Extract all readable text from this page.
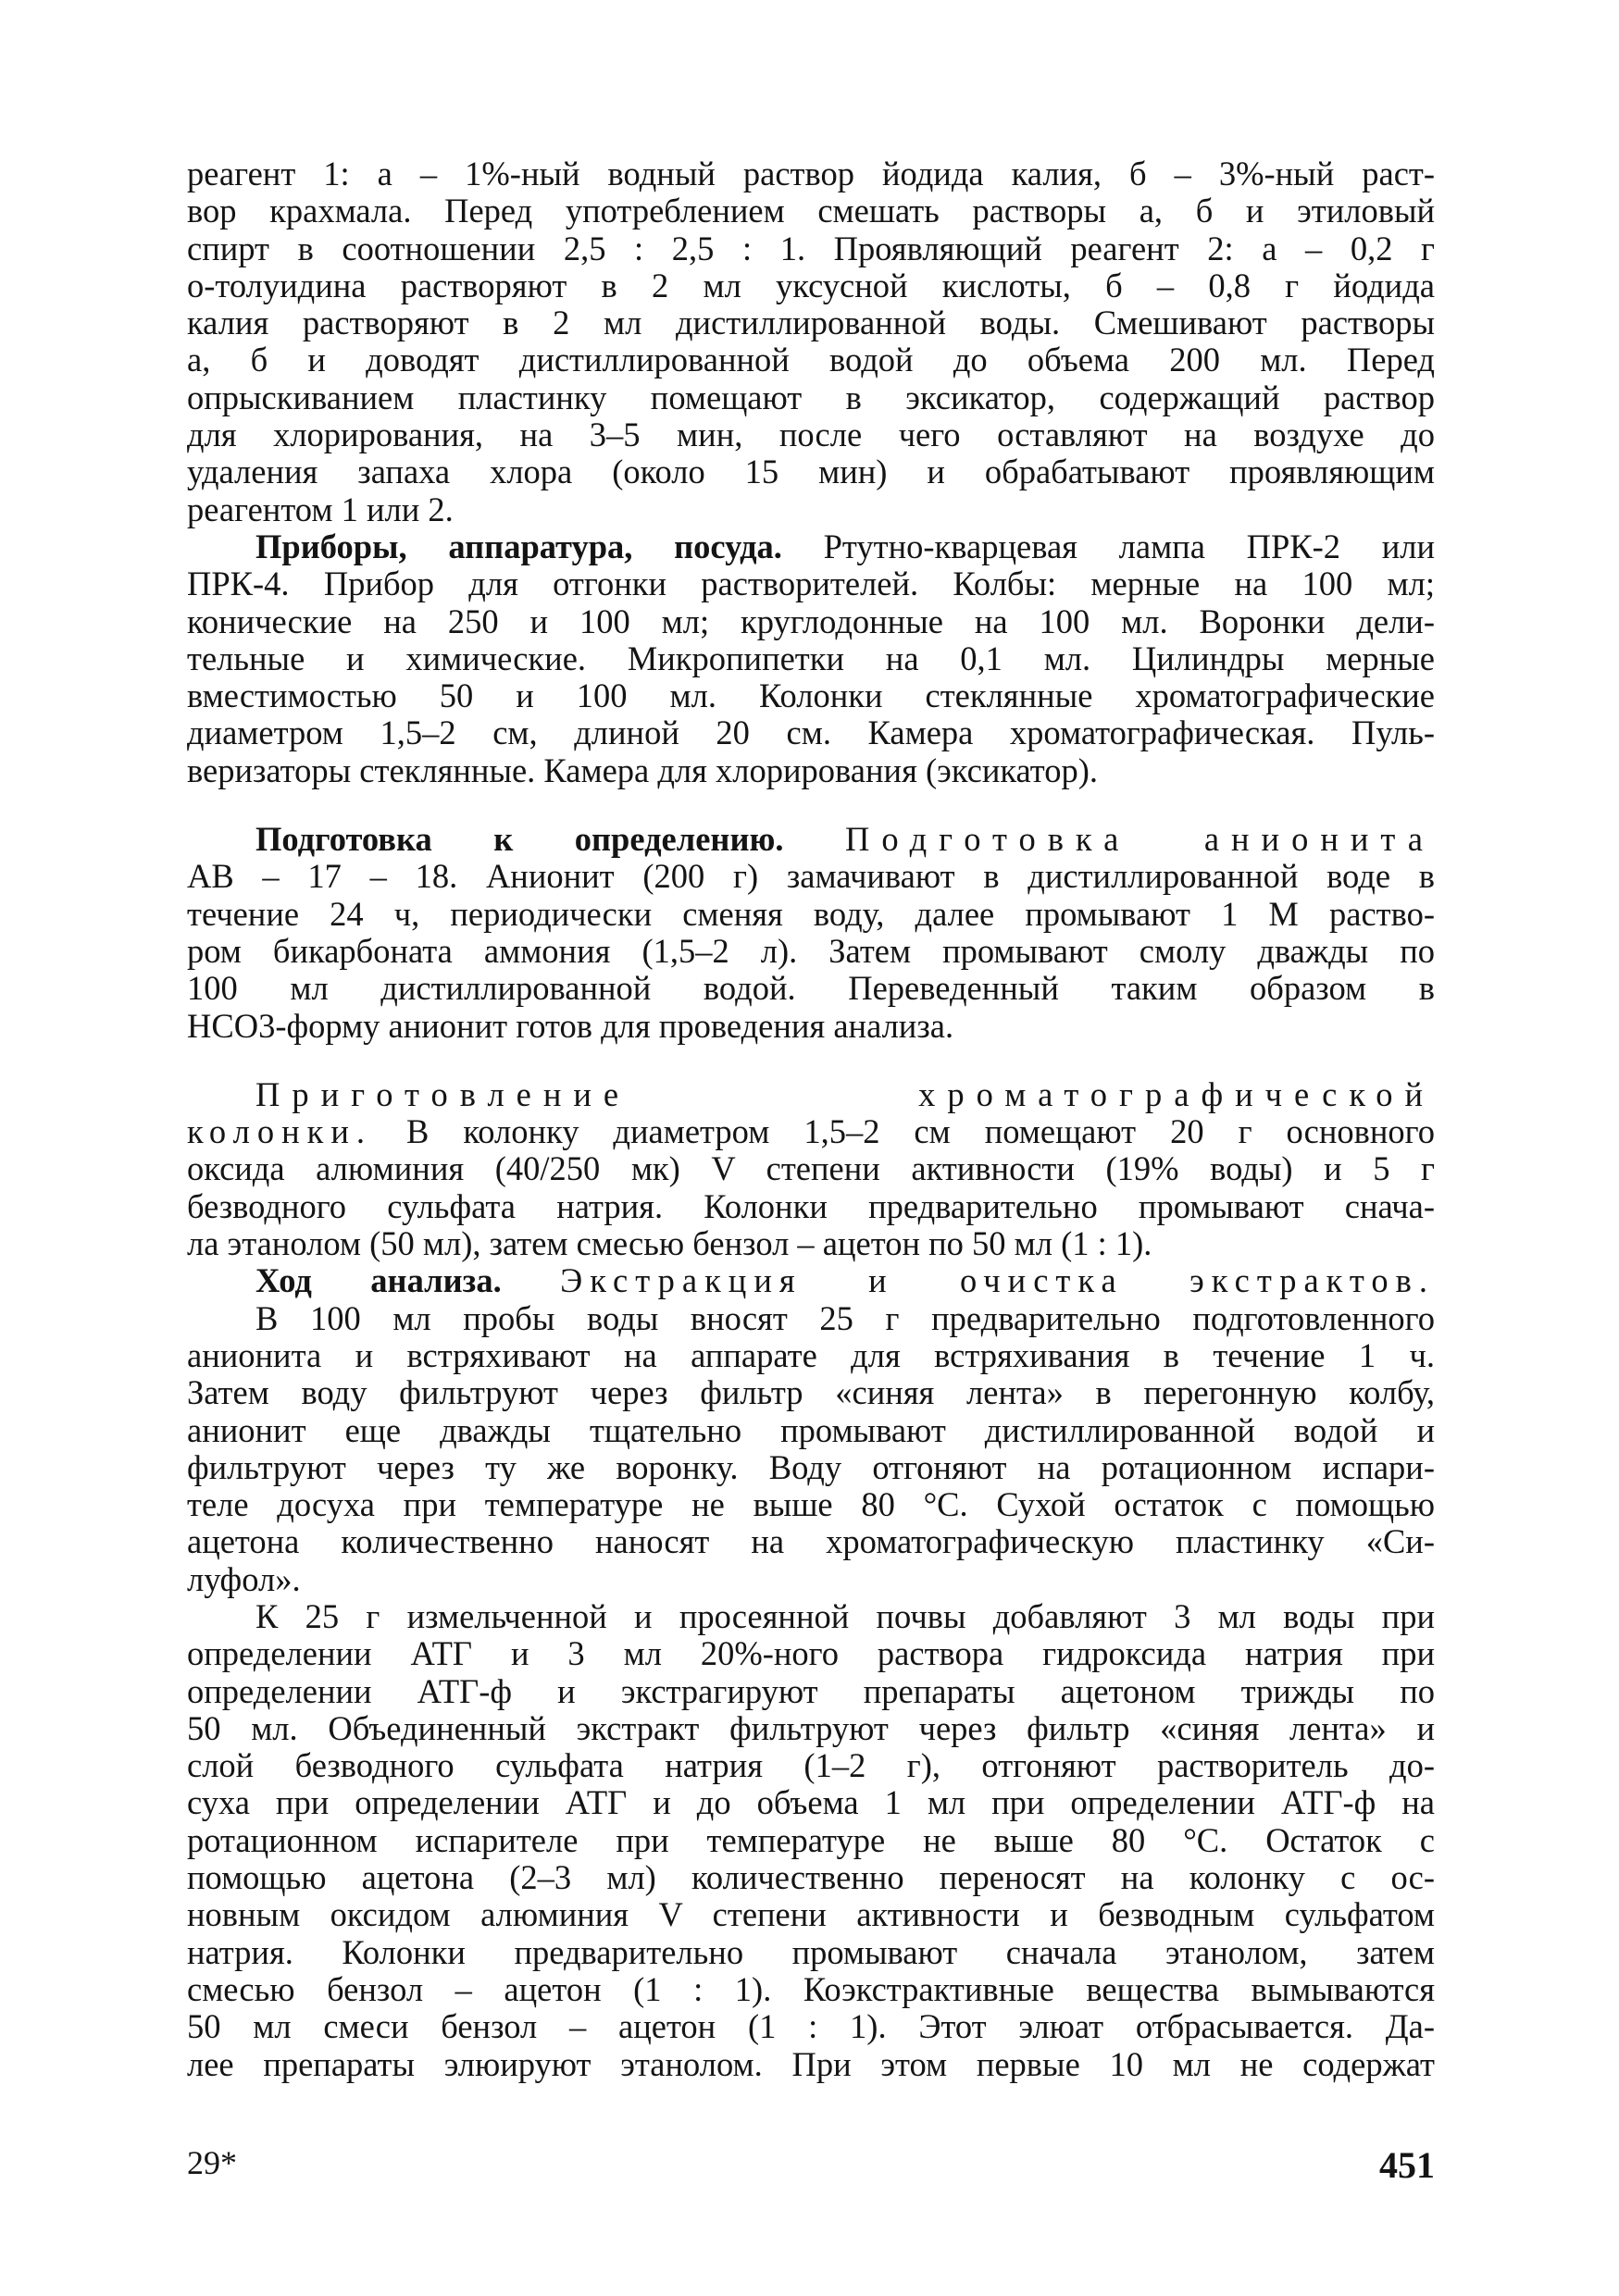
реагент 1: а – 1%-ный водный раствор йодида калия, б – 3%-ный раст-
вор крахмала. Перед употреблением смешать растворы а, б и этиловый
спирт в соотношении 2,5 : 2,5 : 1. Проявляющий реагент 2: а – 0,2 г
о-толуидина растворяют в 2 мл уксусной кислоты, б – 0,8 г йодида
калия растворяют в 2 мл дистиллированной воды. Смешивают растворы
а, б и доводят дистиллированной водой до объема 200 мл. Перед
опрыскиванием пластинку помещают в эксикатор, содержащий раствор
для хлорирования, на 3–5 мин, после чего оставляют на воздухе до
удаления запаха хлора (около 15 мин) и обрабатывают проявляющим
реагентом 1 или 2.
Приборы, аппаратура, посуда. Ртутно-кварцевая лампа ПРК-2 или
ПРК-4. Прибор для отгонки растворителей. Колбы: мерные на 100 мл;
конические на 250 и 100 мл; круглодонные на 100 мл. Воронки дели-
тельные и химические. Микропипетки на 0,1 мл. Цилиндры мерные
вместимостью 50 и 100 мл. Колонки стеклянные хроматографические
диаметром 1,5–2 см, длиной 20 см. Камера хроматографическая. Пуль-
веризаторы стеклянные. Камера для хлорирования (эксикатор).
Подготовка к определению. Подготовка анионита
АВ – 17 – 18. Анионит (200 г) замачивают в дистиллированной воде в
течение 24 ч, периодически сменяя воду, далее промывают 1 М раство-
ром бикарбоната аммония (1,5–2 л). Затем промывают смолу дважды по
100 мл дистиллированной водой. Переведенный таким образом в
HCO3-форму анионит готов для проведения анализа.
Приготовление	хроматографической
колонки. В колонку диаметром 1,5–2 см помещают 20 г основного
оксида алюминия (40/250 мк) V степени активности (19% воды) и 5 г
безводного сульфата натрия. Колонки предварительно промывают снача-
ла этанолом (50 мл), затем смесью бензол – ацетон по 50 мл (1 : 1).
Ход анализа. Экстракция и очистка экстрактов.
В 100 мл пробы воды вносят 25 г предварительно подготовленного
анионита и встряхивают на аппарате для встряхивания в течение 1 ч.
Затем воду фильтруют через фильтр «синяя лента» в перегонную колбу,
анионит еще дважды тщательно промывают дистиллированной водой и
фильтруют через ту же воронку. Воду отгоняют на ротационном испари-
теле досуха при температуре не выше 80 °С. Сухой остаток с помощью
ацетона количественно наносят на хроматографическую пластинку «Си-
луфол».
К 25 г измельченной и просеянной почвы добавляют 3 мл воды при
определении АТГ и 3 мл 20%-ного раствора гидроксида натрия при
определении АТГ-ф и экстрагируют препараты ацетоном трижды по
50 мл. Объединенный экстракт фильтруют через фильтр «синяя лента» и
слой безводного сульфата натрия (1–2 г), отгоняют растворитель до-
суха при определении АТГ и до объема 1 мл при определении АТГ-ф на
ротационном испарителе при температуре не выше 80 °С. Остаток с
помощью ацетона (2–3 мл) количественно переносят на колонку с ос-
новным оксидом алюминия V степени активности и безводным сульфатом
натрия. Колонки предварительно промывают сначала этанолом, затем
смесью бензол – ацетон (1 : 1). Коэкстрактивные вещества вымываются
50 мл смеси бензол – ацетон (1 : 1). Этот элюат отбрасывается. Да-
лее препараты элюируют этанолом. При этом первые 10 мл не содержат
29*	451
